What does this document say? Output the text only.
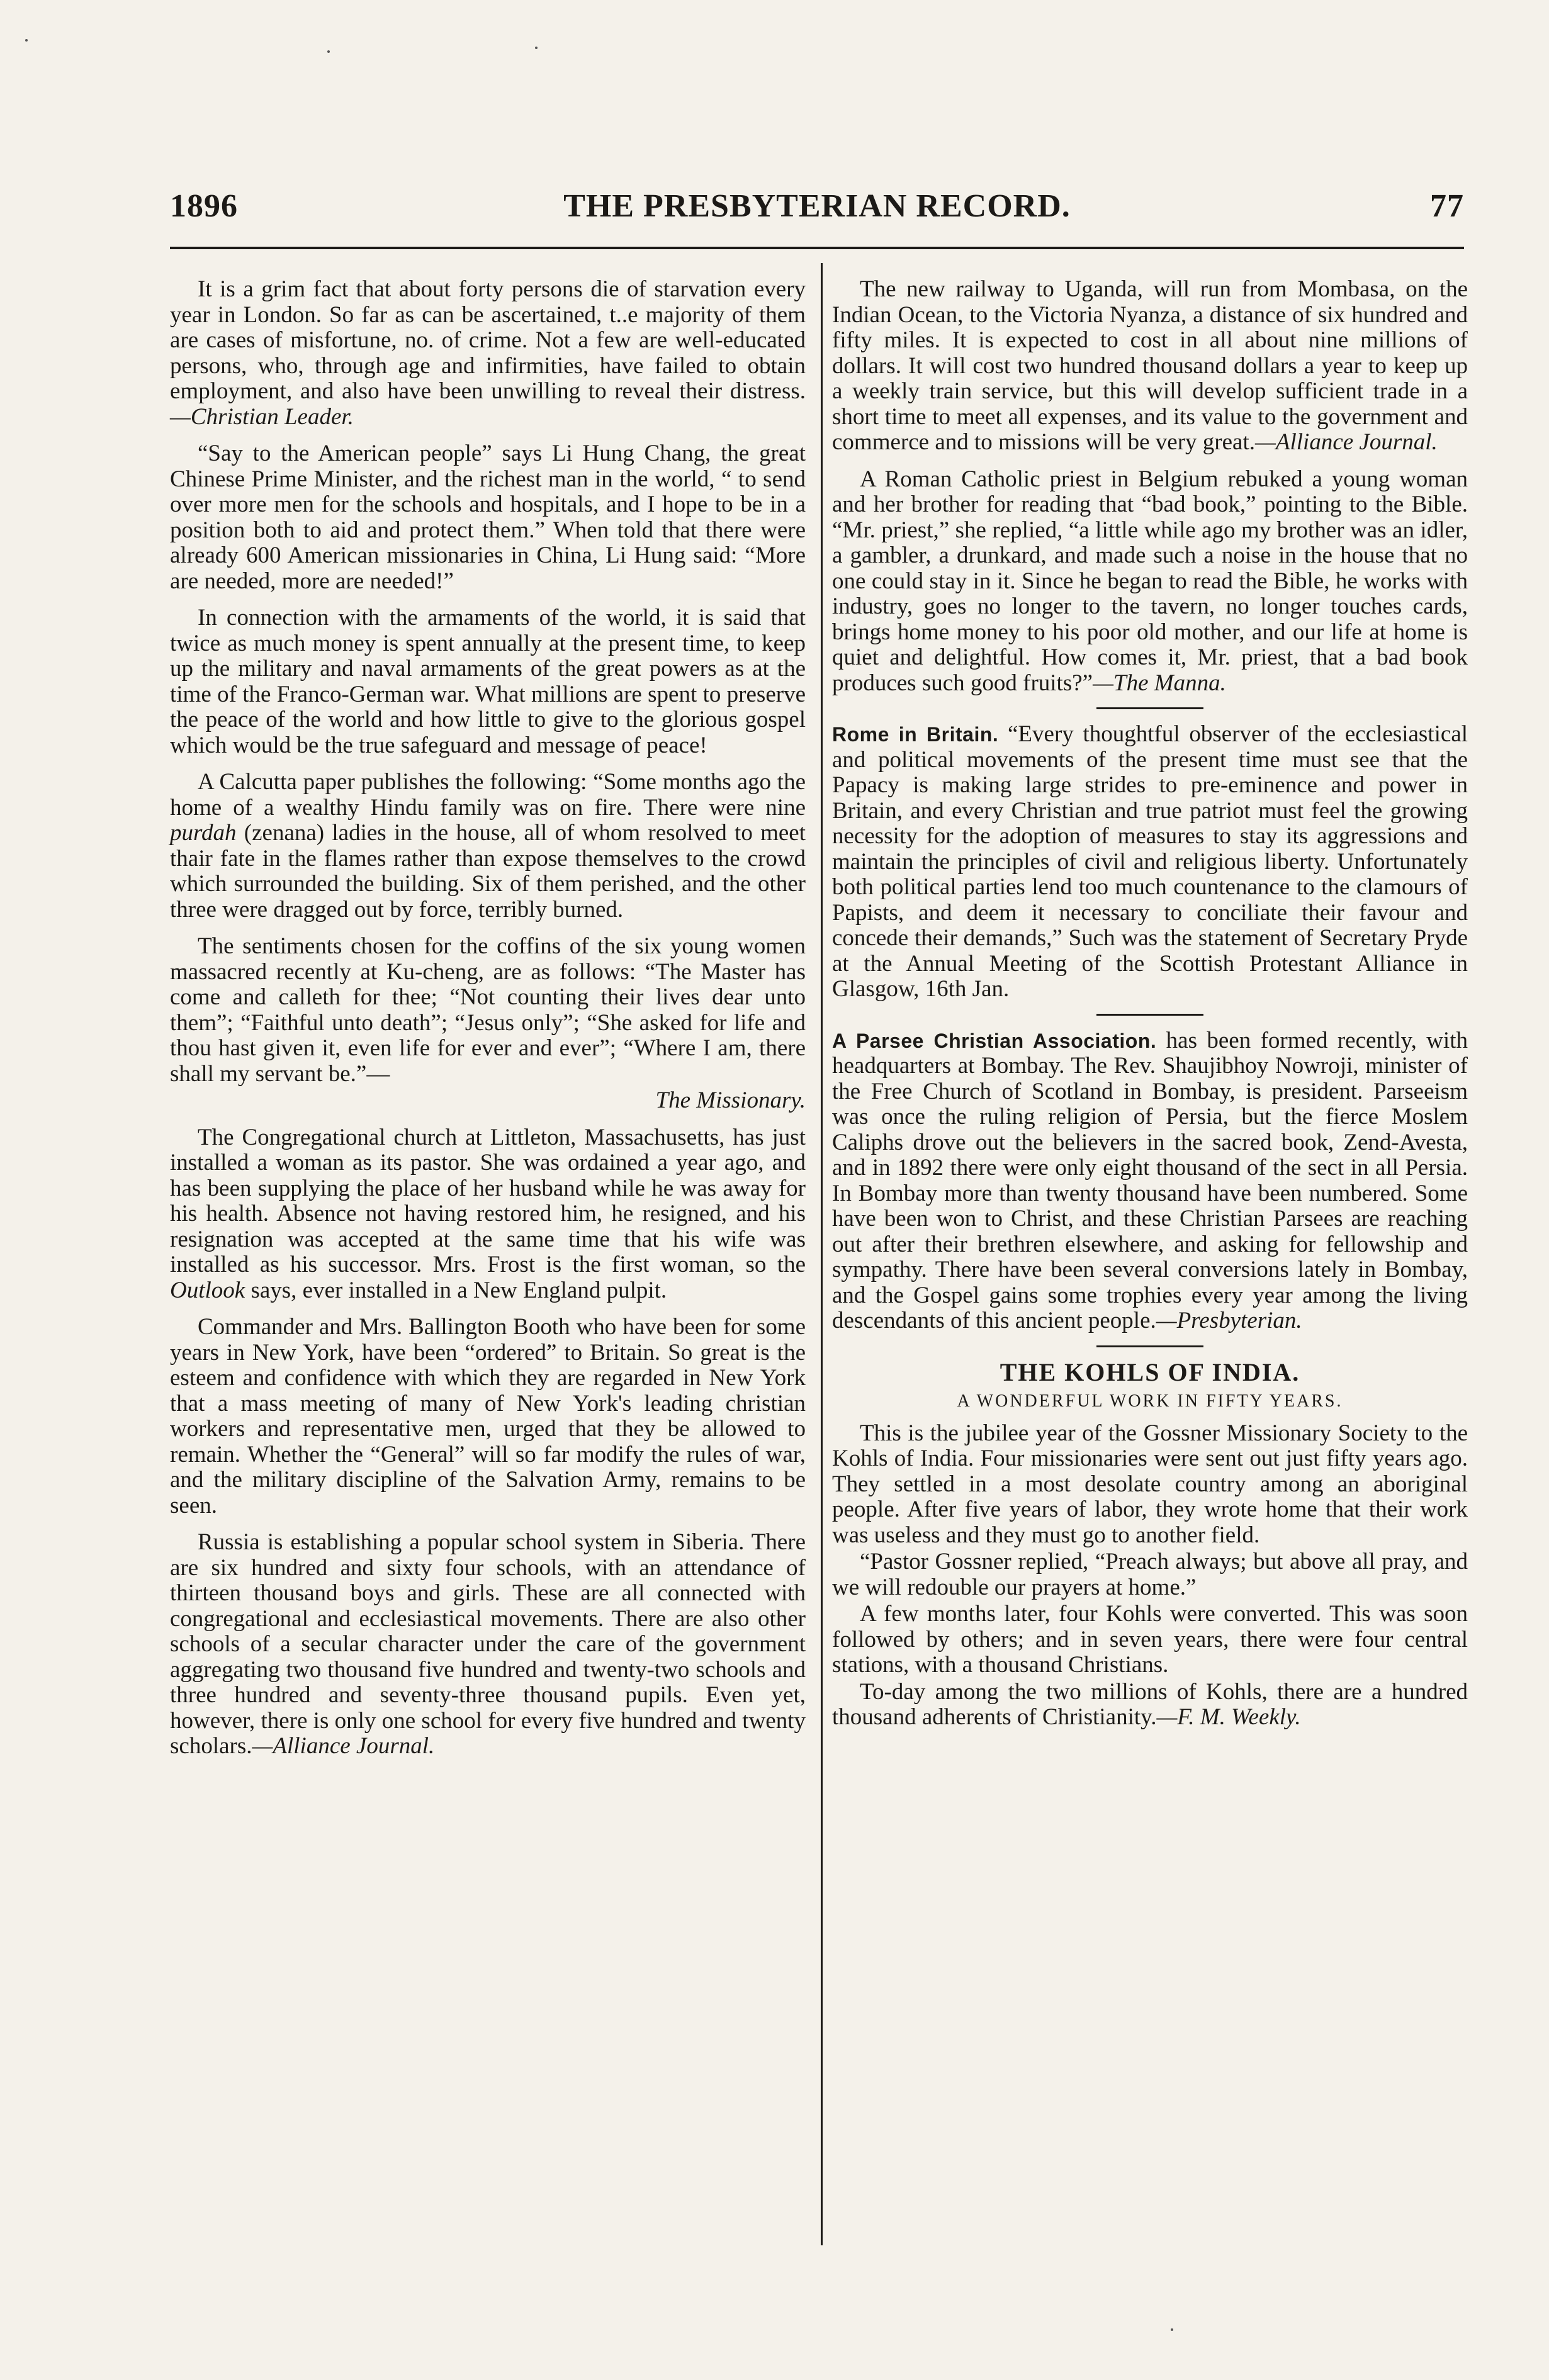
1896	THE PRESBYTERIAN RECORD.	77

It is a grim fact that about forty persons die of starvation every year in London. So far as can be ascertained, t..e majority of them are cases of misfortune, no. of crime. Not a few are well-educated persons, who, through age and infirmities, have failed to obtain employment, and also have been unwilling to reveal their distress. —Christian Leader.

“Say to the American people” says Li Hung Chang, the great Chinese Prime Minister, and the richest man in the world, “ to send over more men for the schools and hospitals, and I hope to be in a position both to aid and protect them.” When told that there were already 600 American missionaries in China, Li Hung said: “More are needed, more are needed!”

In connection with the armaments of the world, it is said that twice as much money is spent annually at the present time, to keep up the military and naval armaments of the great powers as at the time of the Franco-German war. What millions are spent to preserve the peace of the world and how little to give to the glorious gospel which would be the true safeguard and message of peace!

A Calcutta paper publishes the following: “Some months ago the home of a wealthy Hindu family was on fire. There were nine purdah (zenana) ladies in the house, all of whom resolved to meet thair fate in the flames rather than expose themselves to the crowd which surrounded the building. Six of them perished, and the other three were dragged out by force, terribly burned.

The sentiments chosen for the coffins of the six young women massacred recently at Ku-cheng, are as follows: “The Master has come and calleth for thee; “Not counting their lives dear unto them”; “Faithful unto death”; “Jesus only”; “She asked for life and thou hast given it, even life for ever and ever”; “Where I am, there shall my servant be.”—

The Missionary.

The Congregational church at Littleton, Massachusetts, has just installed a woman as its pastor. She was ordained a year ago, and has been supplying the place of her husband while he was away for his health. Absence not having restored him, he resigned, and his resignation was accepted at the same time that his wife was installed as his successor. Mrs. Frost is the first woman, so the Outlook says, ever installed in a New England pulpit.

Commander and Mrs. Ballington Booth who have been for some years in New York, have been “ordered” to Britain. So great is the esteem and confidence with which they are regarded in New York that a mass meeting of many of New York's leading christian workers and representative men, urged that they be allowed to remain. Whether the “General” will so far modify the rules of war, and the military discipline of the Salvation Army, remains to be seen.

Russia is establishing a popular school system in Siberia. There are six hundred and sixty four schools, with an attendance of thirteen thousand boys and girls. These are all connected with congregational and ecclesiastical movements. There are also other schools of a secular character under the care of the government aggregating two thousand five hundred and twenty-two schools and three hundred and seventy-three thousand pupils. Even yet, however, there is only one school for every five hundred and twenty scholars.—Alliance Journal.

The new railway to Uganda, will run from Mombasa, on the Indian Ocean, to the Victoria Nyanza, a distance of six hundred and fifty miles. It is expected to cost in all about nine millions of dollars. It will cost two hundred thousand dollars a year to keep up a weekly train service, but this will develop sufficient trade in a short time to meet all expenses, and its value to the government and commerce and to missions will be very great.—Alliance Journal.

A Roman Catholic priest in Belgium rebuked a young woman and her brother for reading that “bad book,” pointing to the Bible. “Mr. priest,” she replied, “a little while ago my brother was an idler, a gambler, a drunkard, and made such a noise in the house that no one could stay in it. Since he began to read the Bible, he works with industry, goes no longer to the tavern, no longer touches cards, brings home money to his poor old mother, and our life at home is quiet and delightful. How comes it, Mr. priest, that a bad book produces such good fruits?”—The Manna.

Rome in Britain. “Every thoughtful observer of the ecclesiastical and political movements of the present time must see that the Papacy is making large strides to pre-eminence and power in Britain, and every Christian and true patriot must feel the growing necessity for the adoption of measures to stay its aggressions and maintain the principles of civil and religious liberty. Unfortunately both political parties lend too much countenance to the clamours of Papists, and deem it necessary to conciliate their favour and concede their demands,” Such was the statement of Secretary Pryde at the Annual Meeting of the Scottish Protestant Alliance in Glasgow, 16th Jan.

A Parsee Christian Association. has been formed recently, with headquarters at Bombay. The Rev. Shaujibhoy Nowroji, minister of the Free Church of Scotland in Bombay, is president. Parseeism was once the ruling religion of Persia, but the fierce Moslem Caliphs drove out the believers in the sacred book, Zend-Avesta, and in 1892 there were only eight thousand of the sect in all Persia. In Bombay more than twenty thousand have been numbered. Some have been won to Christ, and these Christian Parsees are reaching out after their brethren elsewhere, and asking for fellowship and sympathy. There have been several conversions lately in Bombay, and the Gospel gains some trophies every year among the living descendants of this ancient people.—Presbyterian.

THE KOHLS OF INDIA.
A WONDERFUL WORK IN FIFTY YEARS.

This is the jubilee year of the Gossner Missionary Society to the Kohls of India. Four missionaries were sent out just fifty years ago. They settled in a most desolate country among an aboriginal people. After five years of labor, they wrote home that their work was useless and they must go to another field.

“Pastor Gossner replied, “Preach always; but above all pray, and we will redouble our prayers at home.”

A few months later, four Kohls were converted. This was soon followed by others; and in seven years, there were four central stations, with a thousand Christians.

To-day among the two millions of Kohls, there are a hundred thousand adherents of Christianity.—F. M. Weekly.
